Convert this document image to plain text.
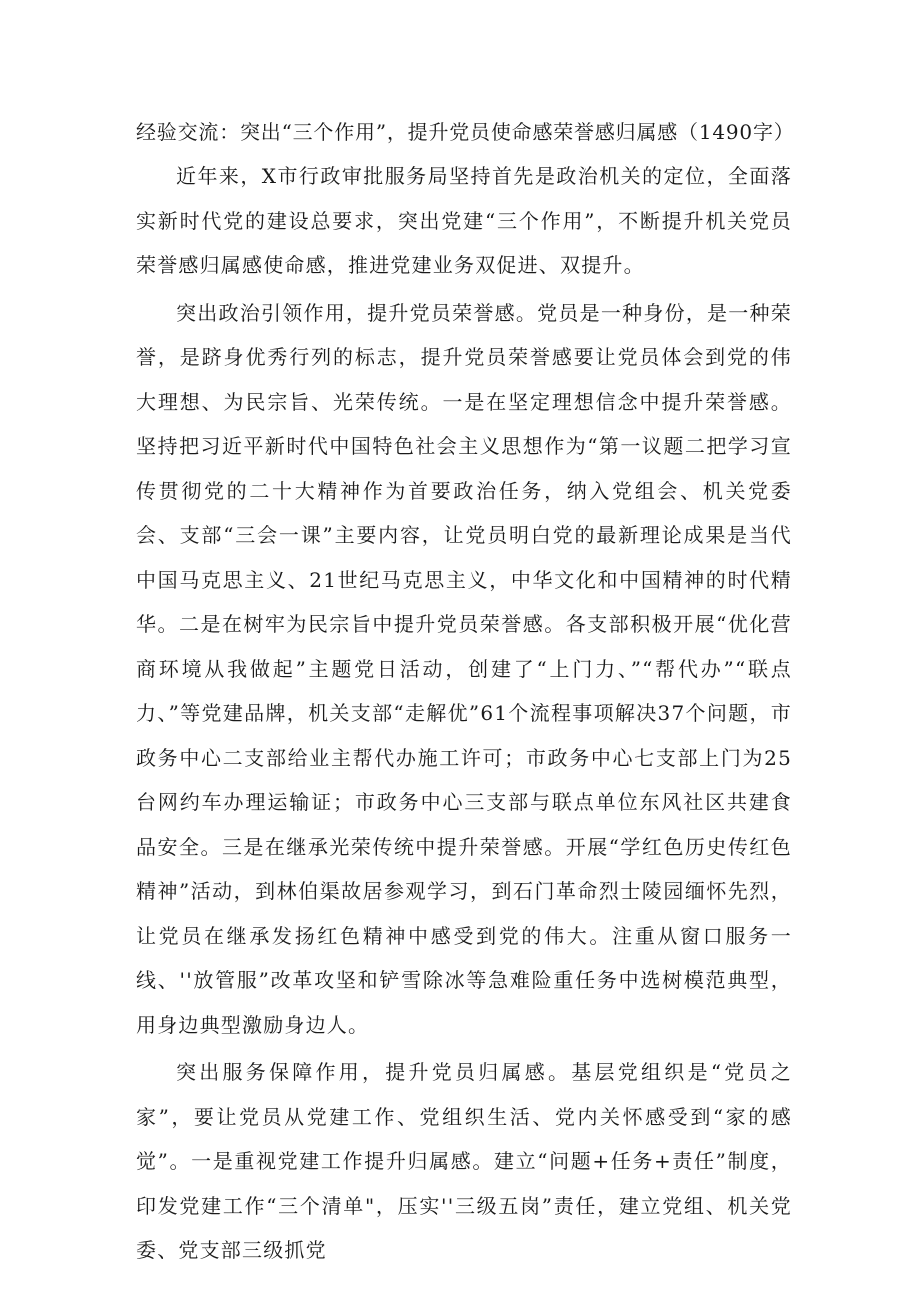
经验交流：突出“三个作用”，提升党员使命感荣誉感归属感（1490字）

近年来，X市行政审批服务局坚持首先是政治机关的定位，全面落实新时代党的建设总要求，突出党建“三个作用”，不断提升机关党员荣誉感归属感使命感，推进党建业务双促进、双提升。

突出政治引领作用，提升党员荣誉感。党员是一种身份，是一种荣誉，是跻身优秀行列的标志，提升党员荣誉感要让党员体会到党的伟大理想、为民宗旨、光荣传统。一是在坚定理想信念中提升荣誉感。坚持把习近平新时代中国特色社会主义思想作为“第一议题二把学习宣传贯彻党的二十大精神作为首要政治任务，纳入党组会、机关党委会、支部“三会一课”主要内容，让党员明白党的最新理论成果是当代中国马克思主义、21世纪马克思主义，中华文化和中国精神的时代精华。二是在树牢为民宗旨中提升党员荣誉感。各支部积极开展“优化营商环境从我做起”主题党日活动，创建了“上门力、”“帮代办”“联点力、”等党建品牌，机关支部“走解优”61个流程事项解决37个问题，市政务中心二支部给业主帮代办施工许可；市政务中心七支部上门为25台网约车办理运输证；市政务中心三支部与联点单位东风社区共建食品安全。三是在继承光荣传统中提升荣誉感。开展“学红色历史传红色精神”活动，到林伯渠故居参观学习，到石门革命烈士陵园缅怀先烈，让党员在继承发扬红色精神中感受到党的伟大。注重从窗口服务一线、''放管服”改革攻坚和铲雪除冰等急难险重任务中选树模范典型，用身边典型激励身边人。

突出服务保障作用，提升党员归属感。基层党组织是“党员之家”，要让党员从党建工作、党组织生活、党内关怀感受到“家的感觉”。一是重视党建工作提升归属感。建立“问题+任务+责任”制度，印发党建工作“三个清单"，压实''三级五岗”责任，建立党组、机关党委、党支部三级抓党
